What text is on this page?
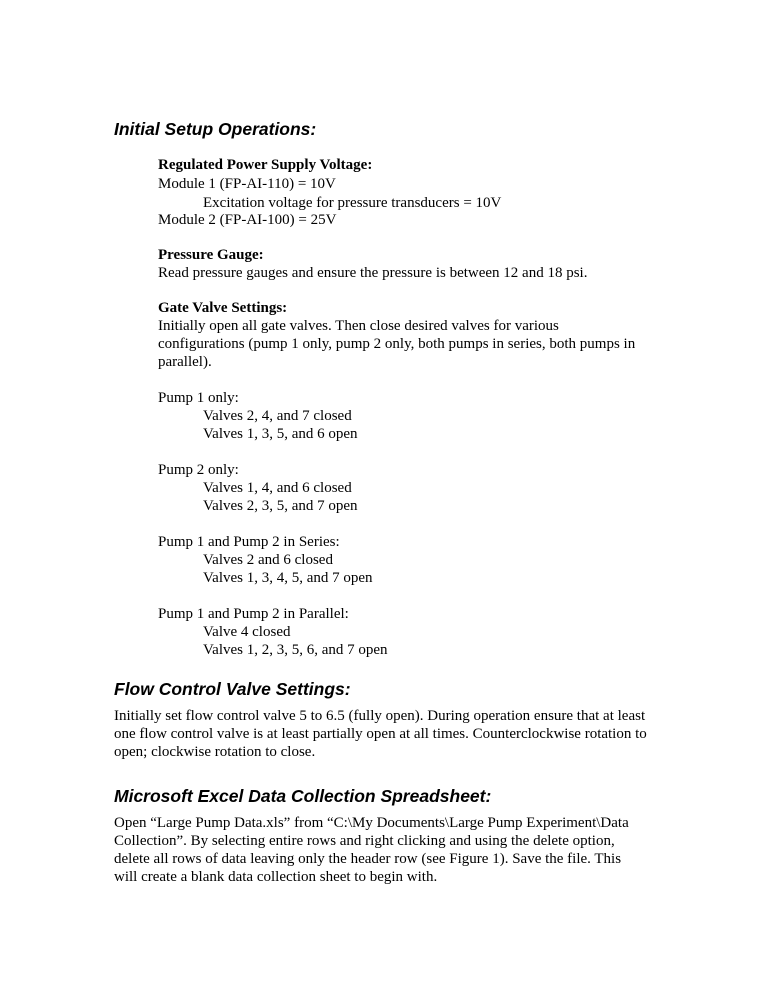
Initial Setup Operations:

Regulated Power Supply Voltage:

Module 1 (FP-AI-110) = 10V

Excitation voltage for pressure transducers = 10V

Module 2 (FP-AI-100) = 25V

Pressure Gauge:

Read pressure gauges and ensure the pressure is between 12 and 18 psi.

Gate Valve Settings:

Initially open all gate valves. Then close desired valves for various

configurations (pump 1 only, pump 2 only, both pumps in series, both pumps in

parallel).

Pump 1 only:

Valves 2, 4, and 7 closed

Valves 1, 3, 5, and 6 open

Pump 2 only:

Valves 1, 4, and 6 closed

Valves 2, 3, 5, and 7 open

Pump 1 and Pump 2 in Series:

Valves 2 and 6 closed

Valves 1, 3, 4, 5, and 7 open

Pump 1 and Pump 2 in Parallel:

Valve 4 closed

Valves 1, 2, 3, 5, 6, and 7 open

Flow Control Valve Settings:

Initially set flow control valve 5 to 6.5 (fully open). During operation ensure that at least

one flow control valve is at least partially open at all times. Counterclockwise rotation to

open; clockwise rotation to close.

Microsoft Excel Data Collection Spreadsheet:

Open “Large Pump Data.xls” from “C:\My Documents\Large Pump Experiment\Data

Collection”. By selecting entire rows and right clicking and using the delete option,

delete all rows of data leaving only the header row (see Figure 1). Save the file. This

will create a blank data collection sheet to begin with.
